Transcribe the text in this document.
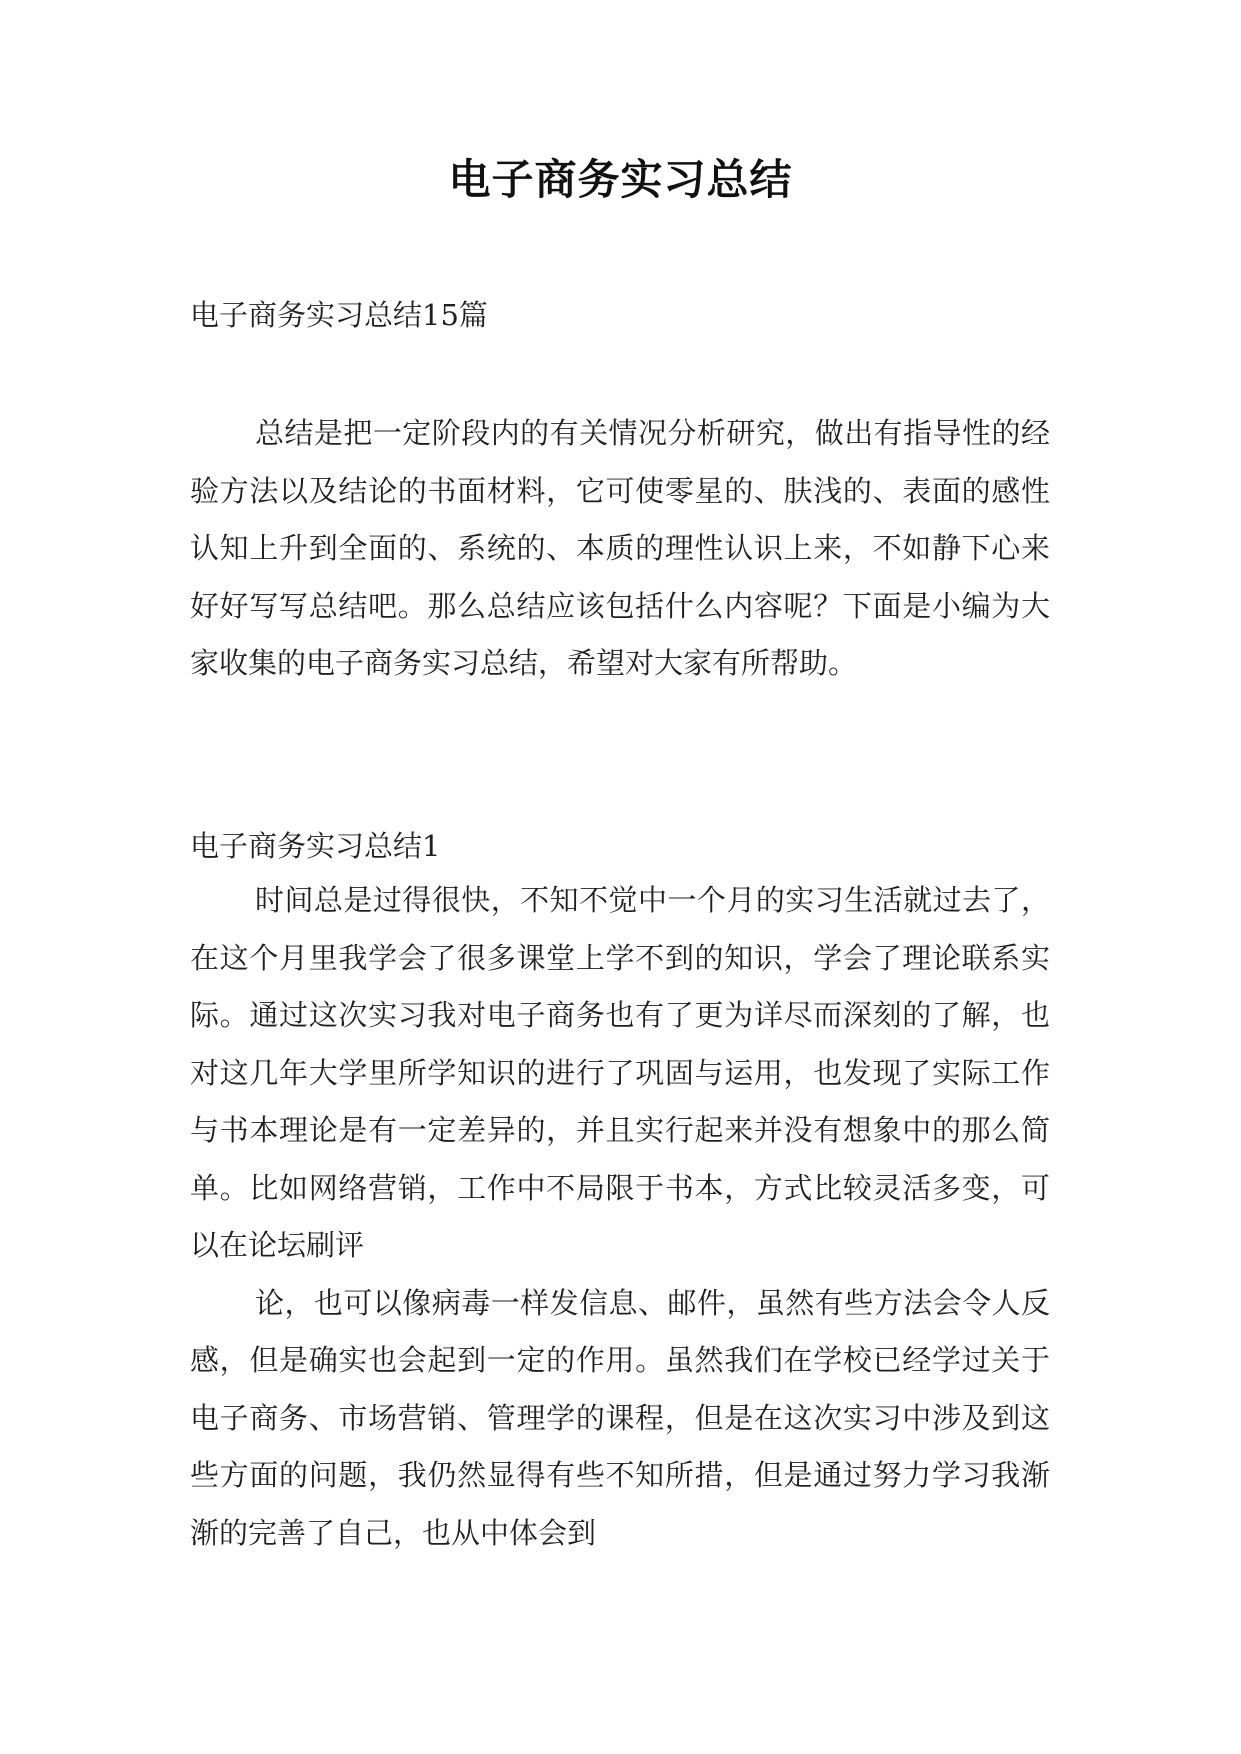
电子商务实习总结
电子商务实习总结15篇

总结是把一定阶段内的有关情况分析研究，做出有指导性的经验方法以及结论的书面材料，它可使零星的、肤浅的、表面的感性认知上升到全面的、系统的、本质的理性认识上来，不如静下心来好好写写总结吧。那么总结应该包括什么内容呢？下面是小编为大家收集的电子商务实习总结，希望对大家有所帮助。

电子商务实习总结1

时间总是过得很快，不知不觉中一个月的实习生活就过去了，在这个月里我学会了很多课堂上学不到的知识，学会了理论联系实际。通过这次实习我对电子商务也有了更为详尽而深刻的了解，也对这几年大学里所学知识的进行了巩固与运用，也发现了实际工作与书本理论是有一定差异的，并且实行起来并没有想象中的那么简单。比如网络营销，工作中不局限于书本，方式比较灵活多变，可以在论坛刷评

论，也可以像病毒一样发信息、邮件，虽然有些方法会令人反感，但是确实也会起到一定的作用。虽然我们在学校已经学过关于电子商务、市场营销、管理学的课程，但是在这次实习中涉及到这些方面的问题，我仍然显得有些不知所措，但是通过努力学习我渐渐的完善了自己，也从中体会到
